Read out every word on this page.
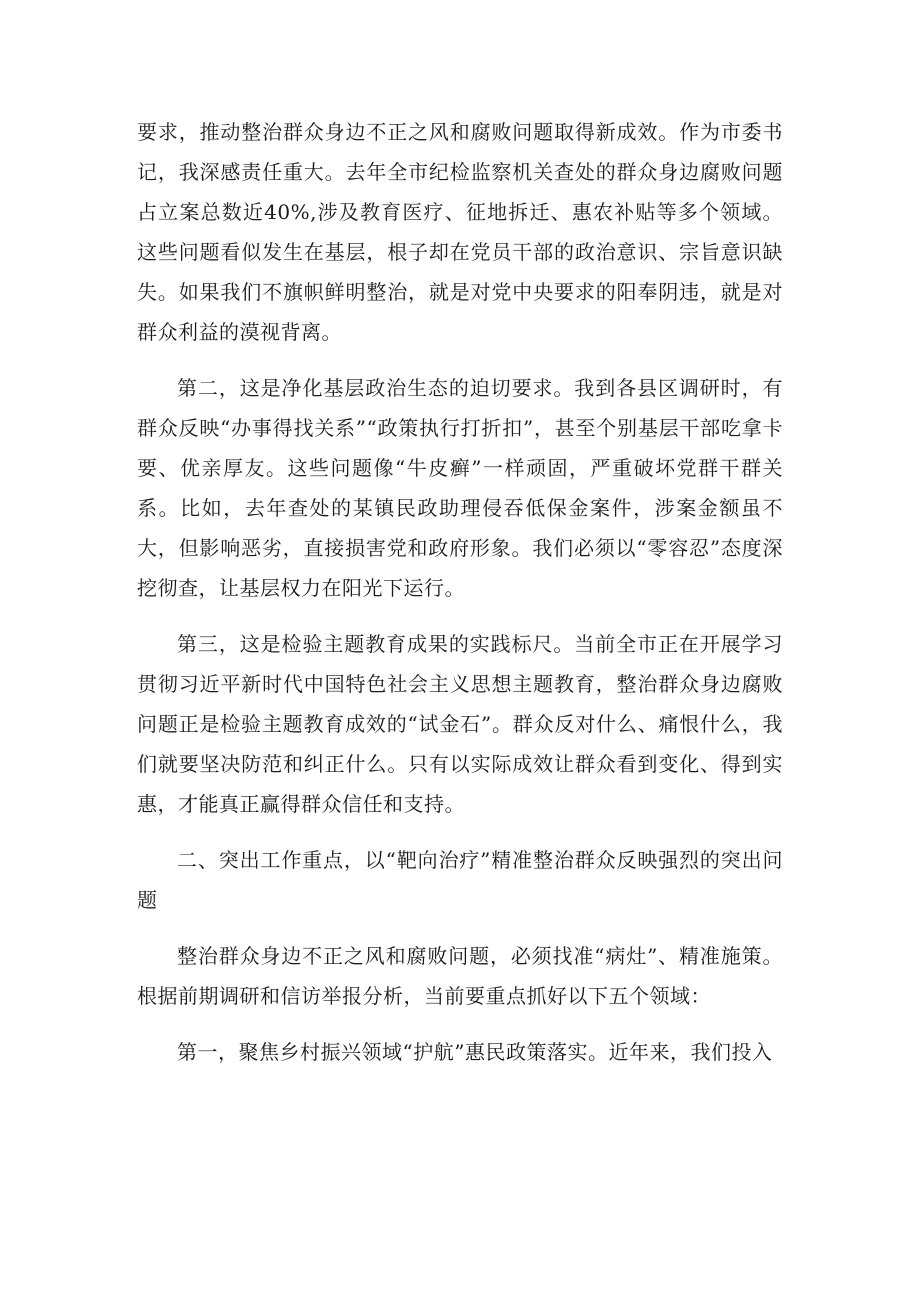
要求，推动整治群众身边不正之风和腐败问题取得新成效。作为市委书记，我深感责任重大。去年全市纪检监察机关查处的群众身边腐败问题占立案总数近40%,涉及教育医疗、征地拆迁、惠农补贴等多个领域。这些问题看似发生在基层，根子却在党员干部的政治意识、宗旨意识缺失。如果我们不旗帜鲜明整治，就是对党中央要求的阳奉阴违，就是对群众利益的漠视背离。
第二，这是净化基层政治生态的迫切要求。我到各县区调研时，有群众反映“办事得找关系”“政策执行打折扣”，甚至个别基层干部吃拿卡要、优亲厚友。这些问题像“牛皮癣”一样顽固，严重破坏党群干群关系。比如，去年查处的某镇民政助理侵吞低保金案件，涉案金额虽不大，但影响恶劣，直接损害党和政府形象。我们必须以“零容忍”态度深挖彻查，让基层权力在阳光下运行。
第三，这是检验主题教育成果的实践标尺。当前全市正在开展学习贯彻习近平新时代中国特色社会主义思想主题教育，整治群众身边腐败问题正是检验主题教育成效的“试金石”。群众反对什么、痛恨什么，我们就要坚决防范和纠正什么。只有以实际成效让群众看到变化、得到实惠，才能真正赢得群众信任和支持。
二、突出工作重点，以“靶向治疗”精准整治群众反映强烈的突出问题
整治群众身边不正之风和腐败问题，必须找准“病灶”、精准施策。根据前期调研和信访举报分析，当前要重点抓好以下五个领域：
第一，聚焦乡村振兴领域“护航”惠民政策落实。近年来，我们投入
